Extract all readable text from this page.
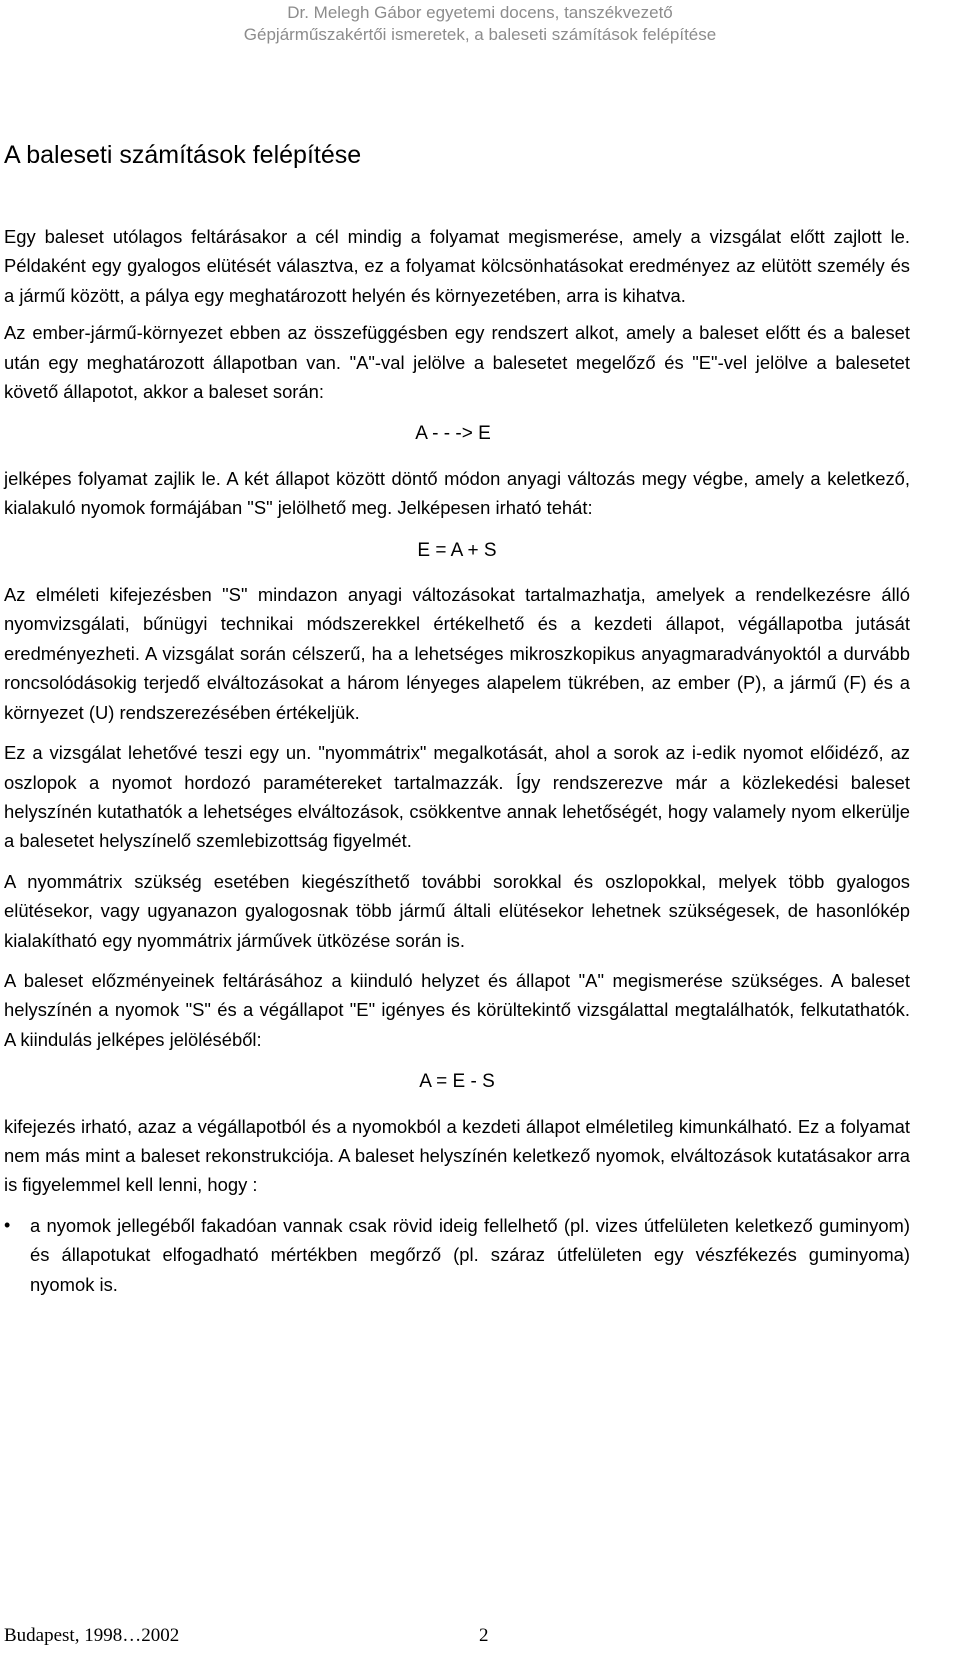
Dr. Melegh Gábor egyetemi docens, tanszékvezető
Gépjárműszakértői ismeretek, a baleseti számítások felépítése
A baleseti számítások felépítése

Egy baleset utólagos feltárásakor a cél mindig a folyamat megismerése, amely a vizsgálat előtt zajlott le. Példaként egy gyalogos elütését választva, ez a folyamat kölcsönhatásokat eredményez az elütött személy és a jármű között, a pálya egy meghatározott helyén és környezetében, arra is kihatva.

Az ember-jármű-környezet ebben az összefüggésben egy rendszert alkot, amely a baleset előtt és a baleset után egy meghatározott állapotban van. "A"-val jelölve a balesetet megelőző és "E"-vel jelölve a balesetet követő állapotot, akkor a baleset során:

A - - -> E

jelképes folyamat zajlik le. A két állapot között döntő módon anyagi változás megy végbe, amely a keletkező, kialakuló nyomok formájában "S" jelölhető meg. Jelképesen irható tehát:

E = A + S

Az elméleti kifejezésben "S" mindazon anyagi változásokat tartalmazhatja, amelyek a rendelkezésre álló nyomvizsgálati, bűnügyi technikai módszerekkel értékelhető és a kezdeti állapot, végállapotba jutását eredményezheti. A vizsgálat során célszerű, ha a lehetséges mikroszkopikus anyagmaradványoktól a durvább roncsolódásokig terjedő elváltozásokat a három lényeges alapelem tükrében, az ember (P), a jármű (F) és a környezet (U) rendszerezésében értékeljük.

Ez a vizsgálat lehetővé teszi egy un. "nyommátrix" megalkotását, ahol a sorok az i-edik nyomot előidéző, az oszlopok a nyomot hordozó paramétereket tartalmazzák. Így rendszerezve már a közlekedési baleset helyszínén kutathatók a lehetséges elváltozások, csökkentve annak lehetőségét, hogy valamely nyom elkerülje a balesetet helyszínelő szemlebizottság figyelmét.

A nyommátrix szükség esetében kiegészíthető további sorokkal és oszlopokkal, melyek több gyalogos elütésekor, vagy ugyanazon gyalogosnak több jármű általi elütésekor lehetnek szükségesek, de hasonlókép kialakítható egy nyommátrix járművek ütközése során is.

A baleset előzményeinek feltárásához a kiinduló helyzet és állapot "A" megismerése szükséges. A baleset helyszínén a nyomok "S" és a végállapot "E" igényes és körültekintő vizsgálattal megtalálhatók, felkutathatók. A kiindulás jelképes jelöléséből:

A = E - S

kifejezés irható, azaz a végállapotból és a nyomokból a kezdeti állapot elméletileg kimunkálható. Ez a folyamat nem más mint a baleset rekonstrukciója. A baleset helyszínén keletkező nyomok, elváltozások kutatásakor arra is figyelemmel kell lenni, hogy :

• a nyomok jellegéből fakadóan vannak csak rövid ideig fellelhető (pl. vizes útfelületen keletkező guminyom) és állapotukat elfogadható mértékben megőrző (pl. száraz útfelületen egy vészfékezés guminyoma) nyomok is.
Budapest, 1998…2002	2
